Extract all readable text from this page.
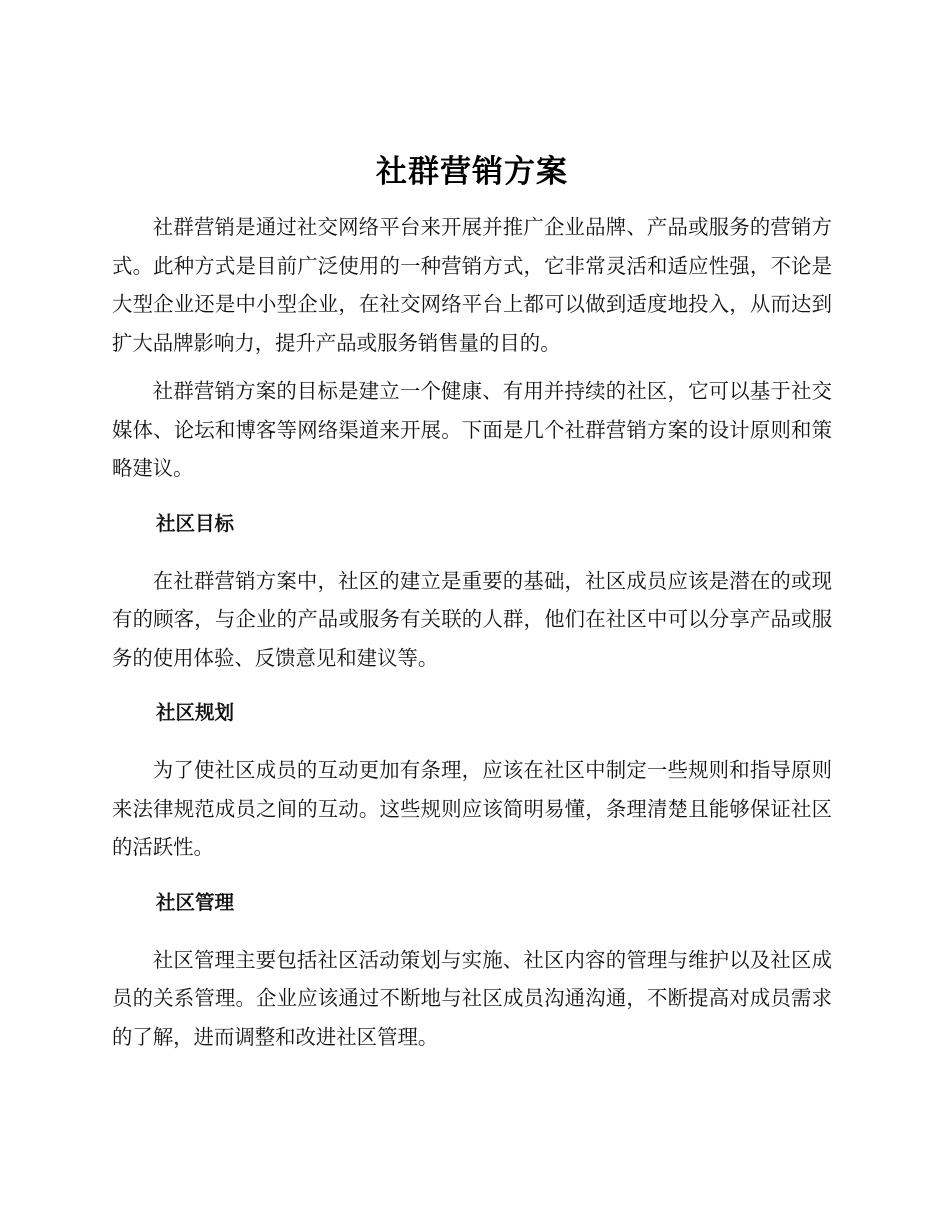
社群营销方案

社群营销是通过社交网络平台来开展并推广企业品牌、产品或服务的营销方式。此种方式是目前广泛使用的一种营销方式，它非常灵活和适应性强，不论是大型企业还是中小型企业，在社交网络平台上都可以做到适度地投入，从而达到扩大品牌影响力，提升产品或服务销售量的目的。

社群营销方案的目标是建立一个健康、有用并持续的社区，它可以基于社交媒体、论坛和博客等网络渠道来开展。下面是几个社群营销方案的设计原则和策略建议。

社区目标

在社群营销方案中，社区的建立是重要的基础，社区成员应该是潜在的或现有的顾客，与企业的产品或服务有关联的人群，他们在社区中可以分享产品或服务的使用体验、反馈意见和建议等。

社区规划

为了使社区成员的互动更加有条理，应该在社区中制定一些规则和指导原则来法律规范成员之间的互动。这些规则应该简明易懂，条理清楚且能够保证社区的活跃性。

社区管理

社区管理主要包括社区活动策划与实施、社区内容的管理与维护以及社区成员的关系管理。企业应该通过不断地与社区成员沟通沟通，不断提高对成员需求的了解，进而调整和改进社区管理。
